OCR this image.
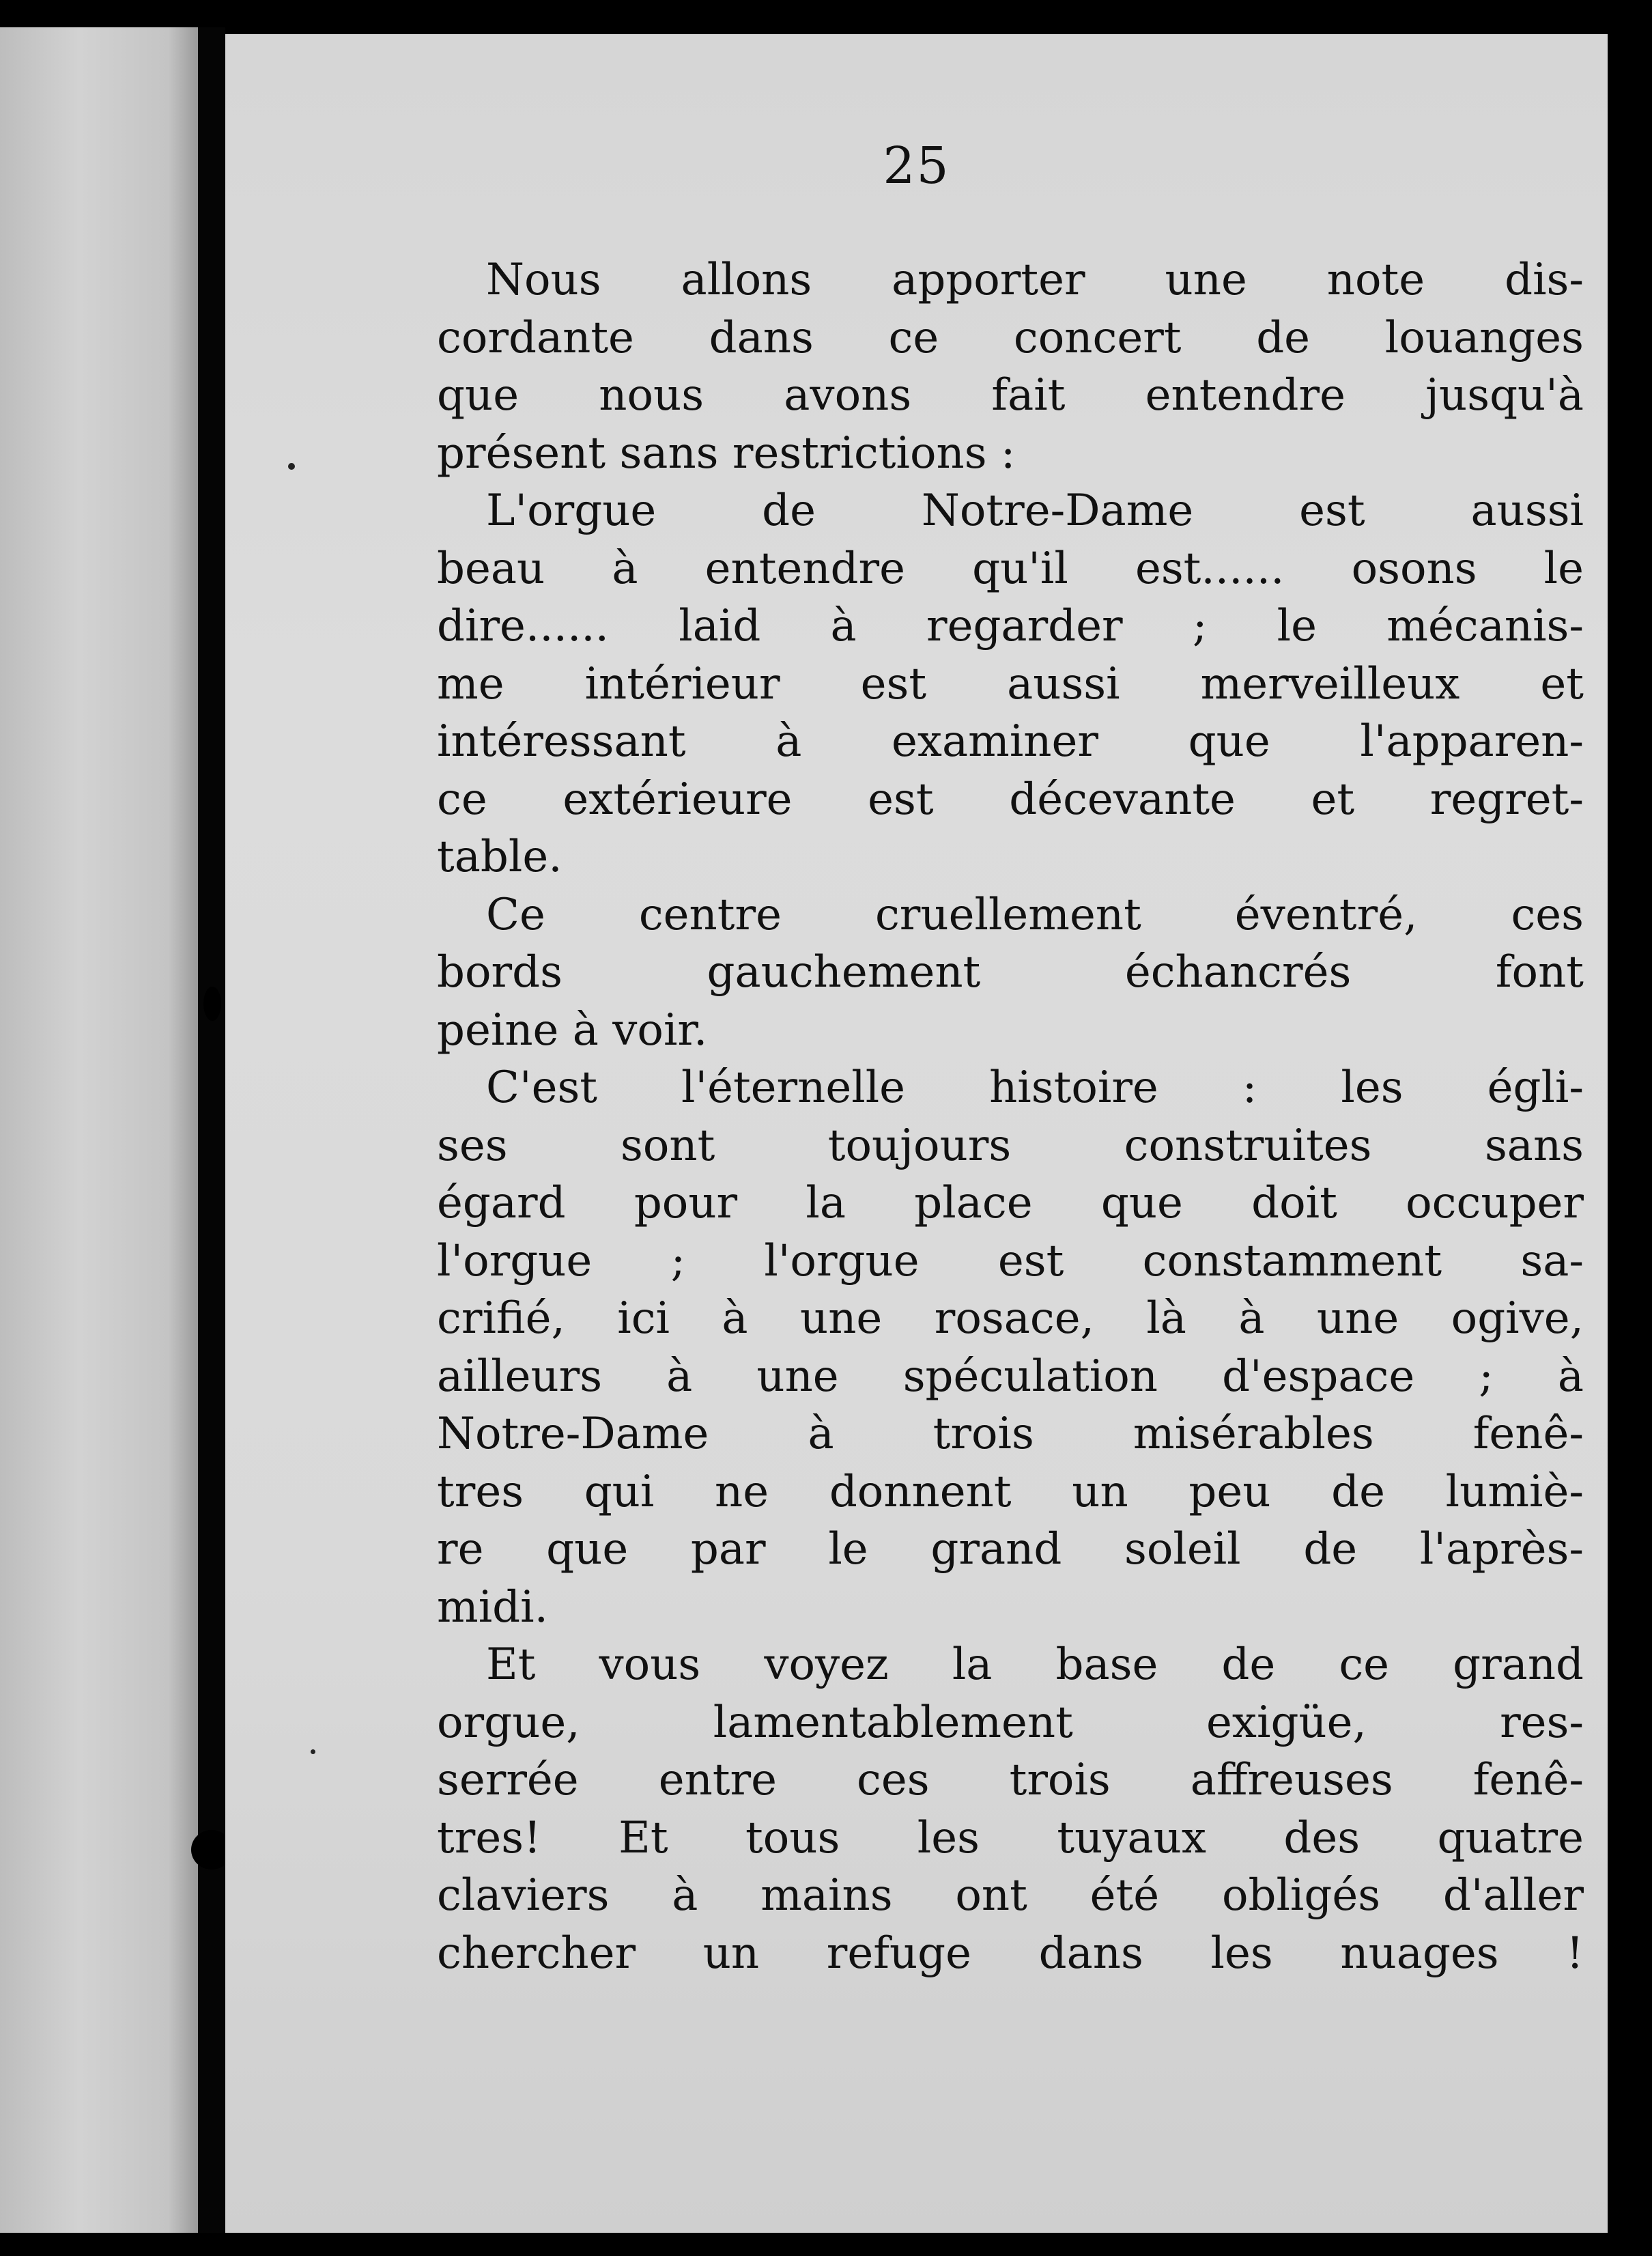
25
Nous allons apporter une note dis-
cordante dans ce concert de louanges
que nous avons fait entendre jusqu'à
présent sans restrictions :
L'orgue de Notre-Dame est aussi
beau à entendre qu'il est...... osons le
dire...... laid à regarder ; le mécanis-
me intérieur est aussi merveilleux et
intéressant à examiner que l'apparen-
ce extérieure est décevante et regret-
table.
Ce centre cruellement éventré, ces
bords gauchement échancrés font
peine à voir.
C'est l'éternelle histoire : les égli-
ses sont toujours construites sans
égard pour la place que doit occuper
l'orgue ; l'orgue est constamment sa-
crifié, ici à une rosace, là à une ogive,
ailleurs à une spéculation d'espace ; à
Notre-Dame à trois misérables fenê-
tres qui ne donnent un peu de lumiè-
re que par le grand soleil de l'après-
midi.
Et vous voyez la base de ce grand
orgue, lamentablement exigüe, res-
serrée entre ces trois affreuses fenê-
tres! Et tous les tuyaux des quatre
claviers à mains ont été obligés d'aller
chercher un refuge dans les nuages !
